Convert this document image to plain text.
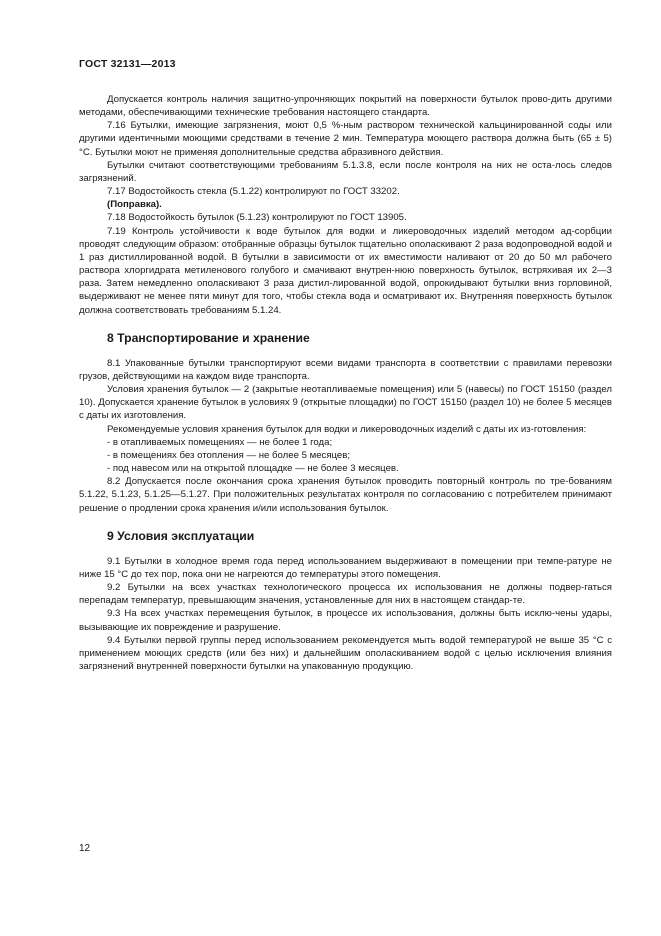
ГОСТ 32131—2013

Допускается контроль наличия защитно-упрочняющих покрытий на поверхности бутылок прово-дить другими методами, обеспечивающими технические требования настоящего стандарта.

7.16 Бутылки, имеющие загрязнения, моют 0,5 %-ным раствором технической кальцинированной соды или другими идентичными моющими средствами в течение 2 мин. Температура моющего раствора должна быть (65 ± 5) °С. Бутылки моют не применяя дополнительные средства абразивного действия.

Бутылки считают соответствующими требованиям 5.1.3.8, если после контроля на них не оста-лось следов загрязнений.

7.17 Водостойкость стекла (5.1.22) контролируют по ГОСТ 33202.

(Поправка).

7.18 Водостойкость бутылок (5.1.23) контролируют по ГОСТ 13905.

7.19 Контроль устойчивости к воде бутылок для водки и ликероводочных изделий методом ад-сорбции проводят следующим образом: отобранные образцы бутылок тщательно ополаскивают 2 раза водопроводной водой и 1 раз дистиллированной водой. В бутылки в зависимости от их вместимости наливают от 20 до 50 мл рабочего раствора хлоргидрата метиленового голубого и смачивают внутрен-нюю поверхность бутылок, встряхивая их 2—3 раза. Затем немедленно ополаскивают 3 раза дистил-лированной водой, опрокидывают бутылки вниз горловиной, выдерживают не менее пяти минут для того, чтобы стекла вода и осматривают их. Внутренняя поверхность бутылок должна соответствовать требованиям 5.1.24.

8 Транспортирование и хранение

8.1 Упакованные бутылки транспортируют всеми видами транспорта в соответствии с правилами перевозки грузов, действующими на каждом виде транспорта.

Условия хранения бутылок — 2 (закрытые неотапливаемые помещения) или 5 (навесы) по ГОСТ 15150 (раздел 10). Допускается хранение бутылок в условиях 9 (открытые площадки) по ГОСТ 15150 (раздел 10) не более 5 месяцев с даты их изготовления.

Рекомендуемые условия хранения бутылок для водки и ликероводочных изделий с даты их из-готовления:

- в отапливаемых помещениях — не более 1 года;

- в помещениях без отопления — не более 5 месяцев;

- под навесом или на открытой площадке — не более 3 месяцев.

8.2 Допускается после окончания срока хранения бутылок проводить повторный контроль по тре-бованиям 5.1.22, 5.1.23, 5.1.25—5.1.27. При положительных результатах контроля по согласованию с потребителем принимают решение о продлении срока хранения и/или использования бутылок.

9 Условия эксплуатации

9.1 Бутылки в холодное время года перед использованием выдерживают в помещении при темпе-ратуре не ниже 15 °С до тех пор, пока они не нагреются до температуры этого помещения.

9.2 Бутылки на всех участках технологического процесса их использования не должны подвер-гаться перепадам температур, превышающим значения, установленные для них в настоящем стандар-те.

9.3 На всех участках перемещения бутылок, в процессе их использования, должны быть исклю-чены удары, вызывающие их повреждение и разрушение.

9.4 Бутылки первой группы перед использованием рекомендуется мыть водой температурой не выше 35 °С с применением моющих средств (или без них) и дальнейшим ополаскиванием водой с целью исключения влияния загрязнений внутренней поверхности бутылки на упакованную продукцию.

12
